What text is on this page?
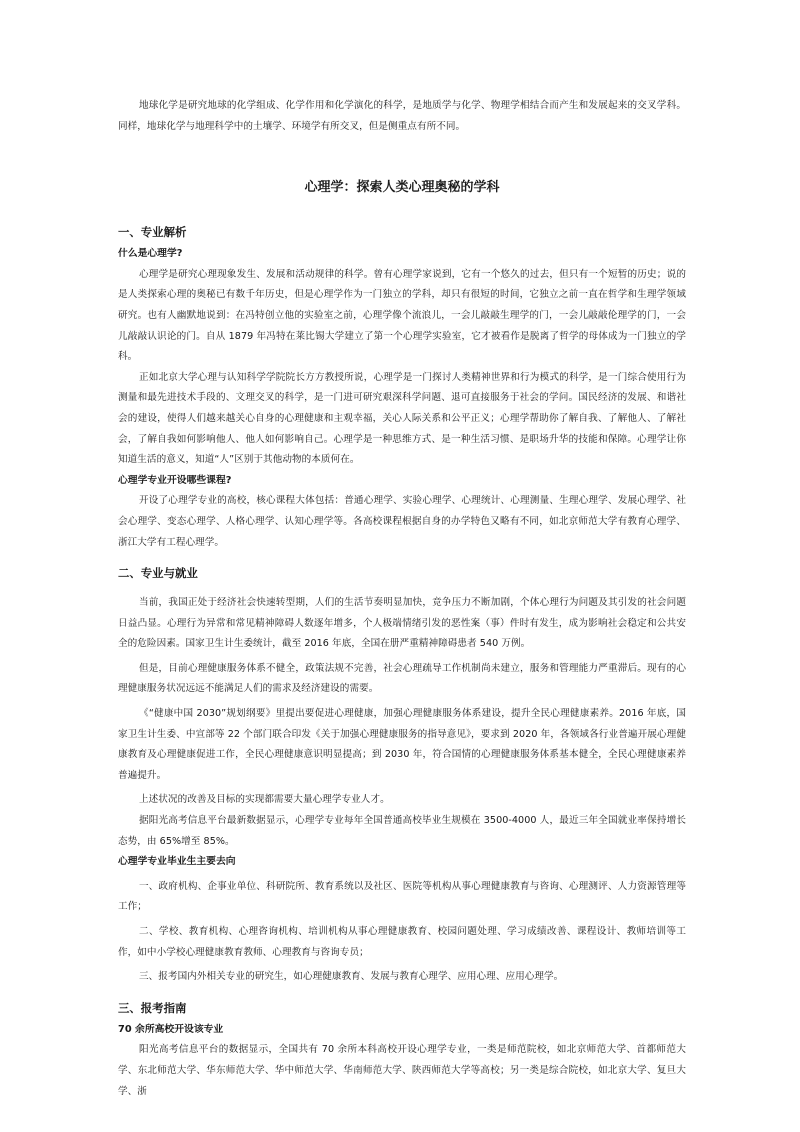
地球化学是研究地球的化学组成、化学作用和化学演化的科学，是地质学与化学、物理学相结合而产生和发展起来的交叉学科。同样，地球化学与地理科学中的土壤学、环境学有所交叉，但是侧重点有所不同。

心理学：探索人类心理奥秘的学科
一、专业解析
什么是心理学?

心理学是研究心理现象发生、发展和活动规律的科学。曾有心理学家说到，它有一个悠久的过去，但只有一个短暂的历史；说的是人类探索心理的奥秘已有数千年历史，但是心理学作为一门独立的学科，却只有很短的时间，它独立之前一直在哲学和生理学领域研究。也有人幽默地说到：在冯特创立他的实验室之前，心理学像个流浪儿，一会儿敲敲生理学的门，一会儿敲敲伦理学的门，一会儿敲敲认识论的门。自从 1879 年冯特在莱比锡大学建立了第一个心理学实验室，它才被看作是脱离了哲学的母体成为一门独立的学科。

正如北京大学心理与认知科学学院院长方方教授所说，心理学是一门探讨人类精神世界和行为模式的科学，是一门综合使用行为测量和最先进技术手段的、文理交叉的科学，是一门进可研究艰深科学问题、退可直接服务于社会的学问。国民经济的发展、和谐社会的建设，使得人们越来越关心自身的心理健康和主观幸福，关心人际关系和公平正义；心理学帮助你了解自我、了解他人、了解社会，了解自我如何影响他人、他人如何影响自己。心理学是一种思维方式、是一种生活习惯、是职场升华的技能和保障。心理学让你知道生活的意义，知道“人”区别于其他动物的本质何在。

心理学专业开设哪些课程?

开设了心理学专业的高校，核心课程大体包括：普通心理学、实验心理学、心理统计、心理测量、生理心理学、发展心理学、社会心理学、变态心理学、人格心理学、认知心理学等。各高校课程根据自身的办学特色又略有不同，如北京师范大学有教育心理学、浙江大学有工程心理学。

二、专业与就业

当前，我国正处于经济社会快速转型期，人们的生活节奏明显加快，竞争压力不断加剧，个体心理行为问题及其引发的社会问题日益凸显。心理行为异常和常见精神障碍人数逐年增多，个人极端情绪引发的恶性案（事）件时有发生，成为影响社会稳定和公共安全的危险因素。国家卫生计生委统计，截至 2016 年底，全国在册严重精神障碍患者 540 万例。

但是，目前心理健康服务体系不健全，政策法规不完善，社会心理疏导工作机制尚未建立，服务和管理能力严重滞后。现有的心理健康服务状况远远不能满足人们的需求及经济建设的需要。

《“健康中国 2030”规划纲要》里提出要促进心理健康，加强心理健康服务体系建设，提升全民心理健康素养。2016 年底，国家卫生计生委、中宣部等 22 个部门联合印发《关于加强心理健康服务的指导意见》，要求到 2020 年，各领域各行业普遍开展心理健康教育及心理健康促进工作，全民心理健康意识明显提高；到 2030 年，符合国情的心理健康服务体系基本健全，全民心理健康素养普遍提升。

上述状况的改善及目标的实现都需要大量心理学专业人才。

据阳光高考信息平台最新数据显示，心理学专业每年全国普通高校毕业生规模在 3500-4000 人，最近三年全国就业率保持增长态势，由 65%增至 85%。

心理学专业毕业生主要去向

一、政府机构、企事业单位、科研院所、教育系统以及社区、医院等机构从事心理健康教育与咨询、心理测评、人力资源管理等工作；

二、学校、教育机构、心理咨询机构、培训机构从事心理健康教育、校园问题处理、学习成绩改善、课程设计、教师培训等工作，如中小学校心理健康教育教师、心理教育与咨询专员；

三、报考国内外相关专业的研究生，如心理健康教育、发展与教育心理学、应用心理、应用心理学。

三、报考指南
70 余所高校开设该专业

阳光高考信息平台的数据显示，全国共有 70 余所本科高校开设心理学专业，一类是师范院校，如北京师范大学、首都师范大学、东北师范大学、华东师范大学、华中师范大学、华南师范大学、陕西师范大学等高校；另一类是综合院校，如北京大学、复旦大学、浙
